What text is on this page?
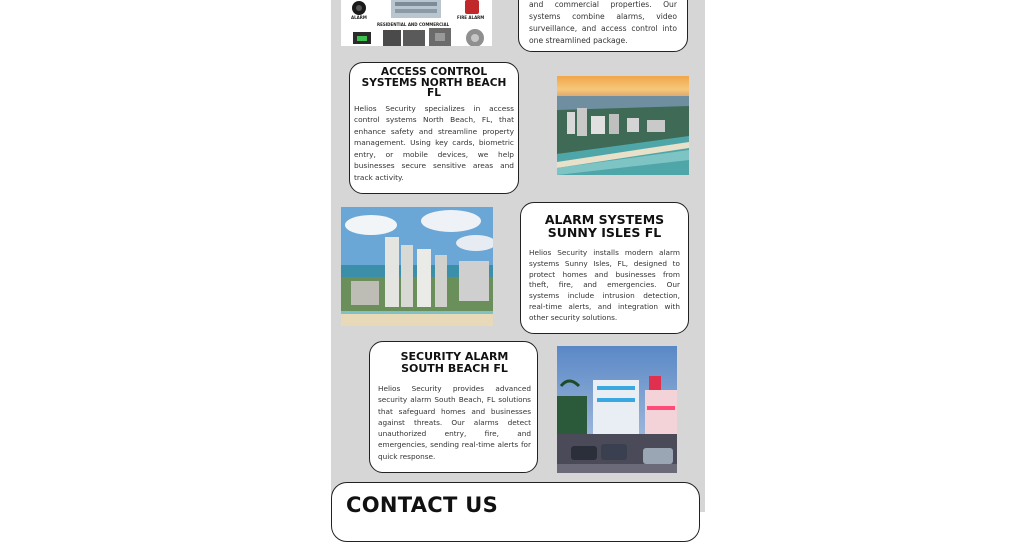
ALARM
RESIDENTIAL AND COMMERCIAL
FIRE ALARM

and commercial properties. Our systems combine alarms, video surveillance, and access control into one streamlined package.

ACCESS CONTROL SYSTEMS NORTH BEACH FL

Helios Security specializes in access control systems North Beach, FL, that enhance safety and streamline property management. Using key cards, biometric entry, or mobile devices, we help businesses secure sensitive areas and track activity.

ALARM SYSTEMS SUNNY ISLES FL

Helios Security installs modern alarm systems Sunny Isles, FL, designed to protect homes and businesses from theft, fire, and emergencies. Our systems include intrusion detection, real-time alerts, and integration with other security solutions.

SECURITY ALARM SOUTH BEACH FL

Helios Security provides advanced security alarm South Beach, FL solutions that safeguard homes and businesses against threats. Our alarms detect unauthorized entry, fire, and emergencies, sending real-time alerts for quick response.

CONTACT US
